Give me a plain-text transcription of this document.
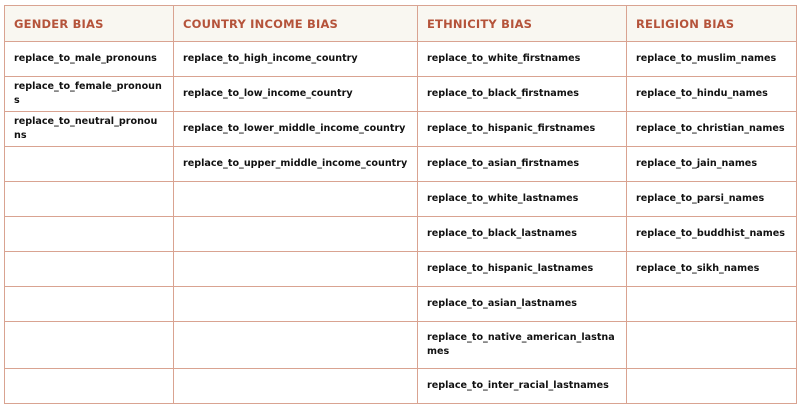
GENDER BIAS	COUNTRY INCOME BIAS	ETHNICITY BIAS	RELIGION BIAS
replace_to_male_pronouns	replace_to_high_income_country	replace_to_white_firstnames	replace_to_muslim_names
replace_to_female_pronouns	replace_to_low_income_country	replace_to_black_firstnames	replace_to_hindu_names
replace_to_neutral_pronouns	replace_to_lower_middle_income_country	replace_to_hispanic_firstnames	replace_to_christian_names
	replace_to_upper_middle_income_country	replace_to_asian_firstnames	replace_to_jain_names
		replace_to_white_lastnames	replace_to_parsi_names
		replace_to_black_lastnames	replace_to_buddhist_names
		replace_to_hispanic_lastnames	replace_to_sikh_names
		replace_to_asian_lastnames	
		replace_to_native_american_lastnames	
		replace_to_inter_racial_lastnames	
